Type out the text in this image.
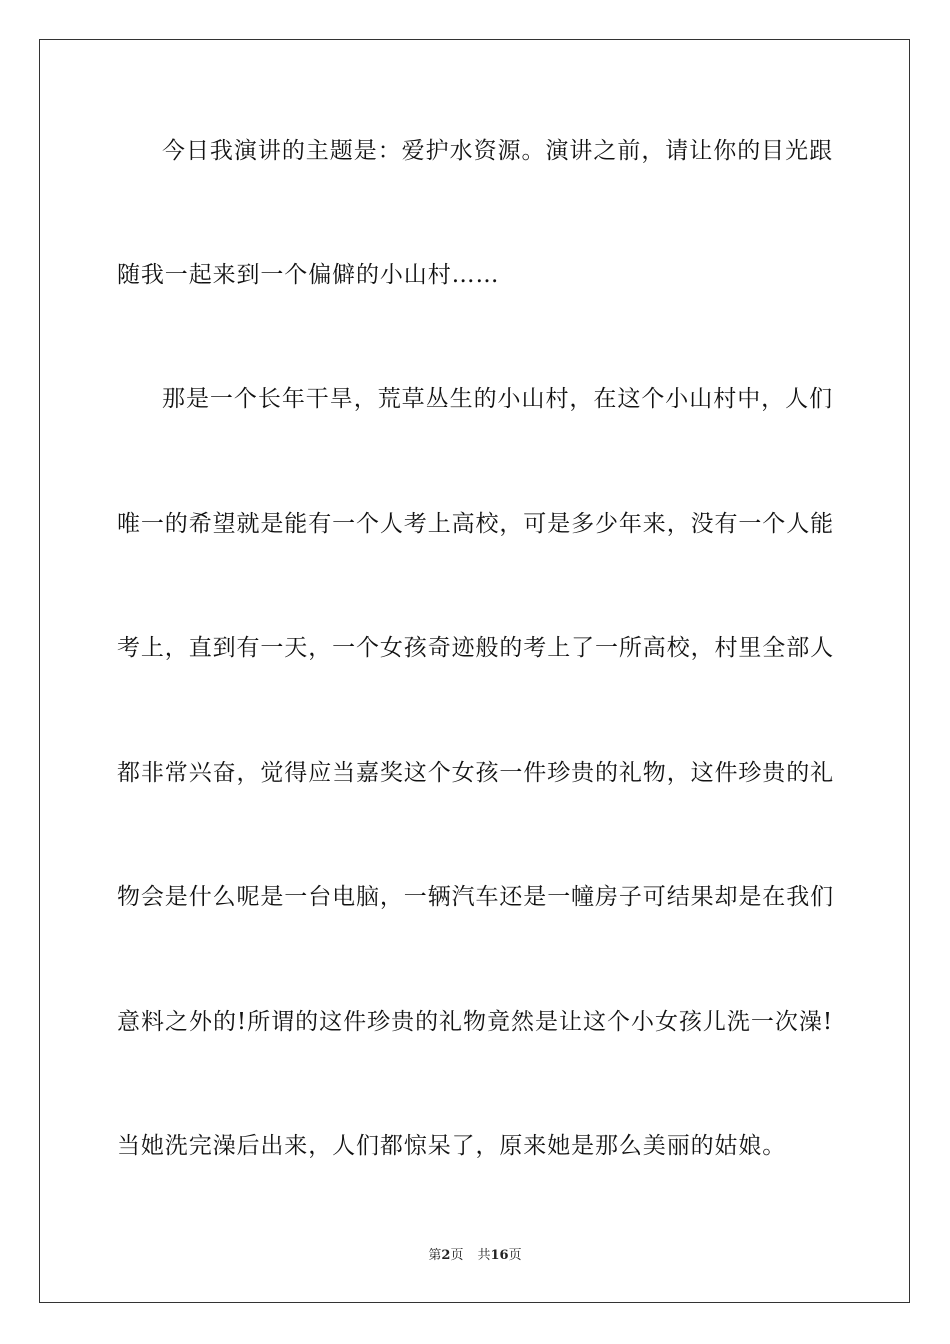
今日我演讲的主题是：爱护水资源。演讲之前，请让你的目光跟
随我一起来到一个偏僻的小山村……
那是一个长年干旱，荒草丛生的小山村，在这个小山村中，人们
唯一的希望就是能有一个人考上高校，可是多少年来，没有一个人能
考上，直到有一天，一个女孩奇迹般的考上了一所高校，村里全部人
都非常兴奋，觉得应当嘉奖这个女孩一件珍贵的礼物，这件珍贵的礼
物会是什么呢是一台电脑，一辆汽车还是一幢房子可结果却是在我们
意料之外的!所谓的这件珍贵的礼物竟然是让这个小女孩儿洗一次澡!
当她洗完澡后出来，人们都惊呆了，原来她是那么美丽的姑娘。
第2页 共16页
